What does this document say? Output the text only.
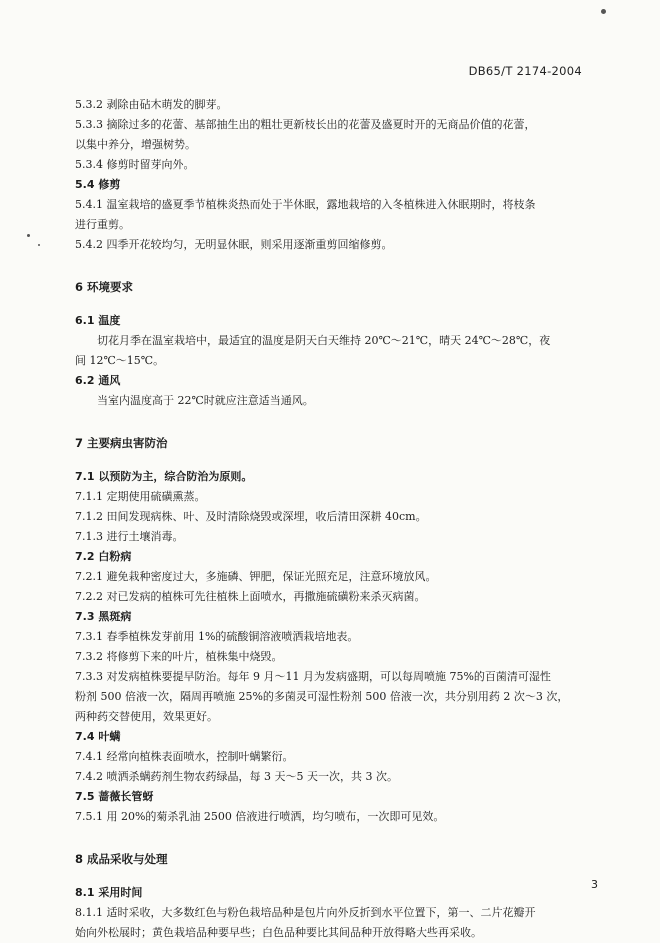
DB65/T 2174-2004

5.3.2 剥除由砧木萌发的脚芽。

5.3.3 摘除过多的花蕾、基部抽生出的粗壮更新枝长出的花蕾及盛夏时开的无商品价值的花蕾，

以集中养分，增强树势。

5.3.4 修剪时留芽向外。

5.4 修剪

5.4.1 温室栽培的盛夏季节植株炎热而处于半休眠，露地栽培的入冬植株进入休眠期时，将枝条

进行重剪。

5.4.2 四季开花较均匀，无明显休眠，则采用逐渐重剪回缩修剪。

6 环境要求

6.1 温度

切花月季在温室栽培中，最适宜的温度是阴天白天维持 20℃～21℃，晴天 24℃～28℃，夜

间 12℃～15℃。

6.2 通风

当室内温度高于 22℃时就应注意适当通风。

7 主要病虫害防治

7.1 以预防为主，综合防治为原则。

7.1.1 定期使用硫磺熏蒸。

7.1.2 田间发现病株、叶、及时清除烧毁或深埋，收后清田深耕 40cm。

7.1.3 进行土壤消毒。

7.2 白粉病

7.2.1 避免栽种密度过大，多施磷、钾肥，保证光照充足，注意环境放风。

7.2.2 对已发病的植株可先往植株上面喷水，再撒施硫磺粉来杀灭病菌。

7.3 黑斑病

7.3.1 春季植株发芽前用 1%的硫酸铜溶液喷洒栽培地表。

7.3.2 将修剪下来的叶片，植株集中烧毁。

7.3.3 对发病植株要提早防治。每年 9 月～11 月为发病盛期，可以每周喷施 75%的百菌清可湿性

粉剂 500 倍液一次，隔周再喷施 25%的多菌灵可湿性粉剂 500 倍液一次，共分别用药 2 次～3 次，

两种药交替使用，效果更好。

7.4 叶螨

7.4.1 经常向植株表面喷水，控制叶螨繁衍。

7.4.2 喷洒杀螨药剂生物农药绿晶，每 3 天～5 天一次，共 3 次。

7.5 蔷薇长管蚜

7.5.1 用 20%的菊杀乳油 2500 倍液进行喷洒，均匀喷布，一次即可见效。

8 成品采收与处理

8.1 采用时间

8.1.1 适时采收，大多数红色与粉色栽培品种是包片向外反折到水平位置下，第一、二片花瓣开

始向外松展时；黄色栽培品种要早些；白色品种要比其间品种开放得略大些再采收。

3
